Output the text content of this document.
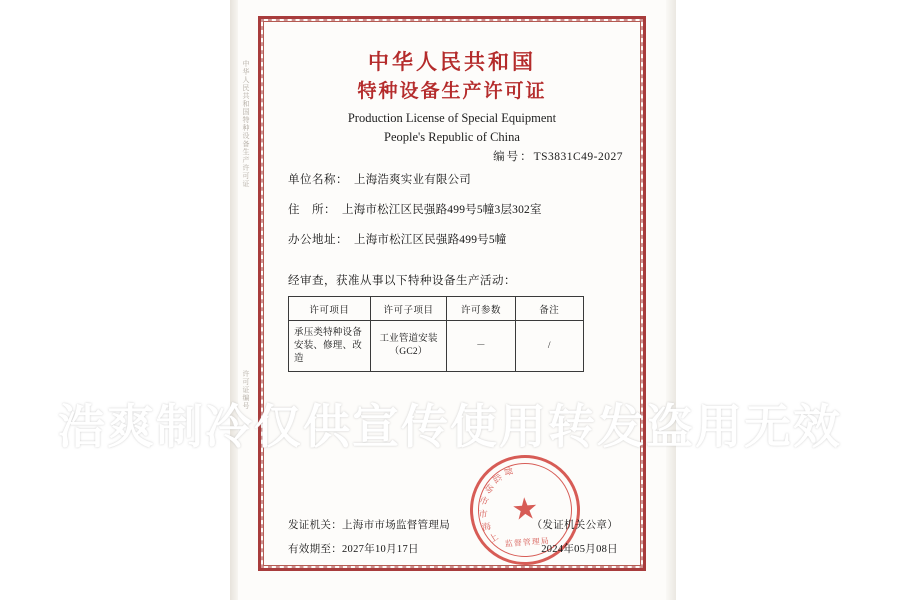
中华人民共和国特种设备生产许可证
许可证编号
中华人民共和国
特种设备生产许可证
Production License of Special Equipment
People's Republic of China
编号：TS3831C49-2027
单位名称： 上海浩爽实业有限公司
住　所： 上海市松江区民强路499号5幢3层302室
办公地址： 上海市松江区民强路499号5幢
经审查，获准从事以下特种设备生产活动：
许可项目	许可子项目	许可参数	备注

承压类特种设备安装、修理、改造	工业管道安装（GC2）	－	/
上
海
市
市
场
监
督
★
监督管理局
发证机关：上海市市场监督管理局	（发证机关公章）
有效期至：2027年10月17日	2024年05月08日
浩爽制冷仅供宣传使用转发盗用无效
